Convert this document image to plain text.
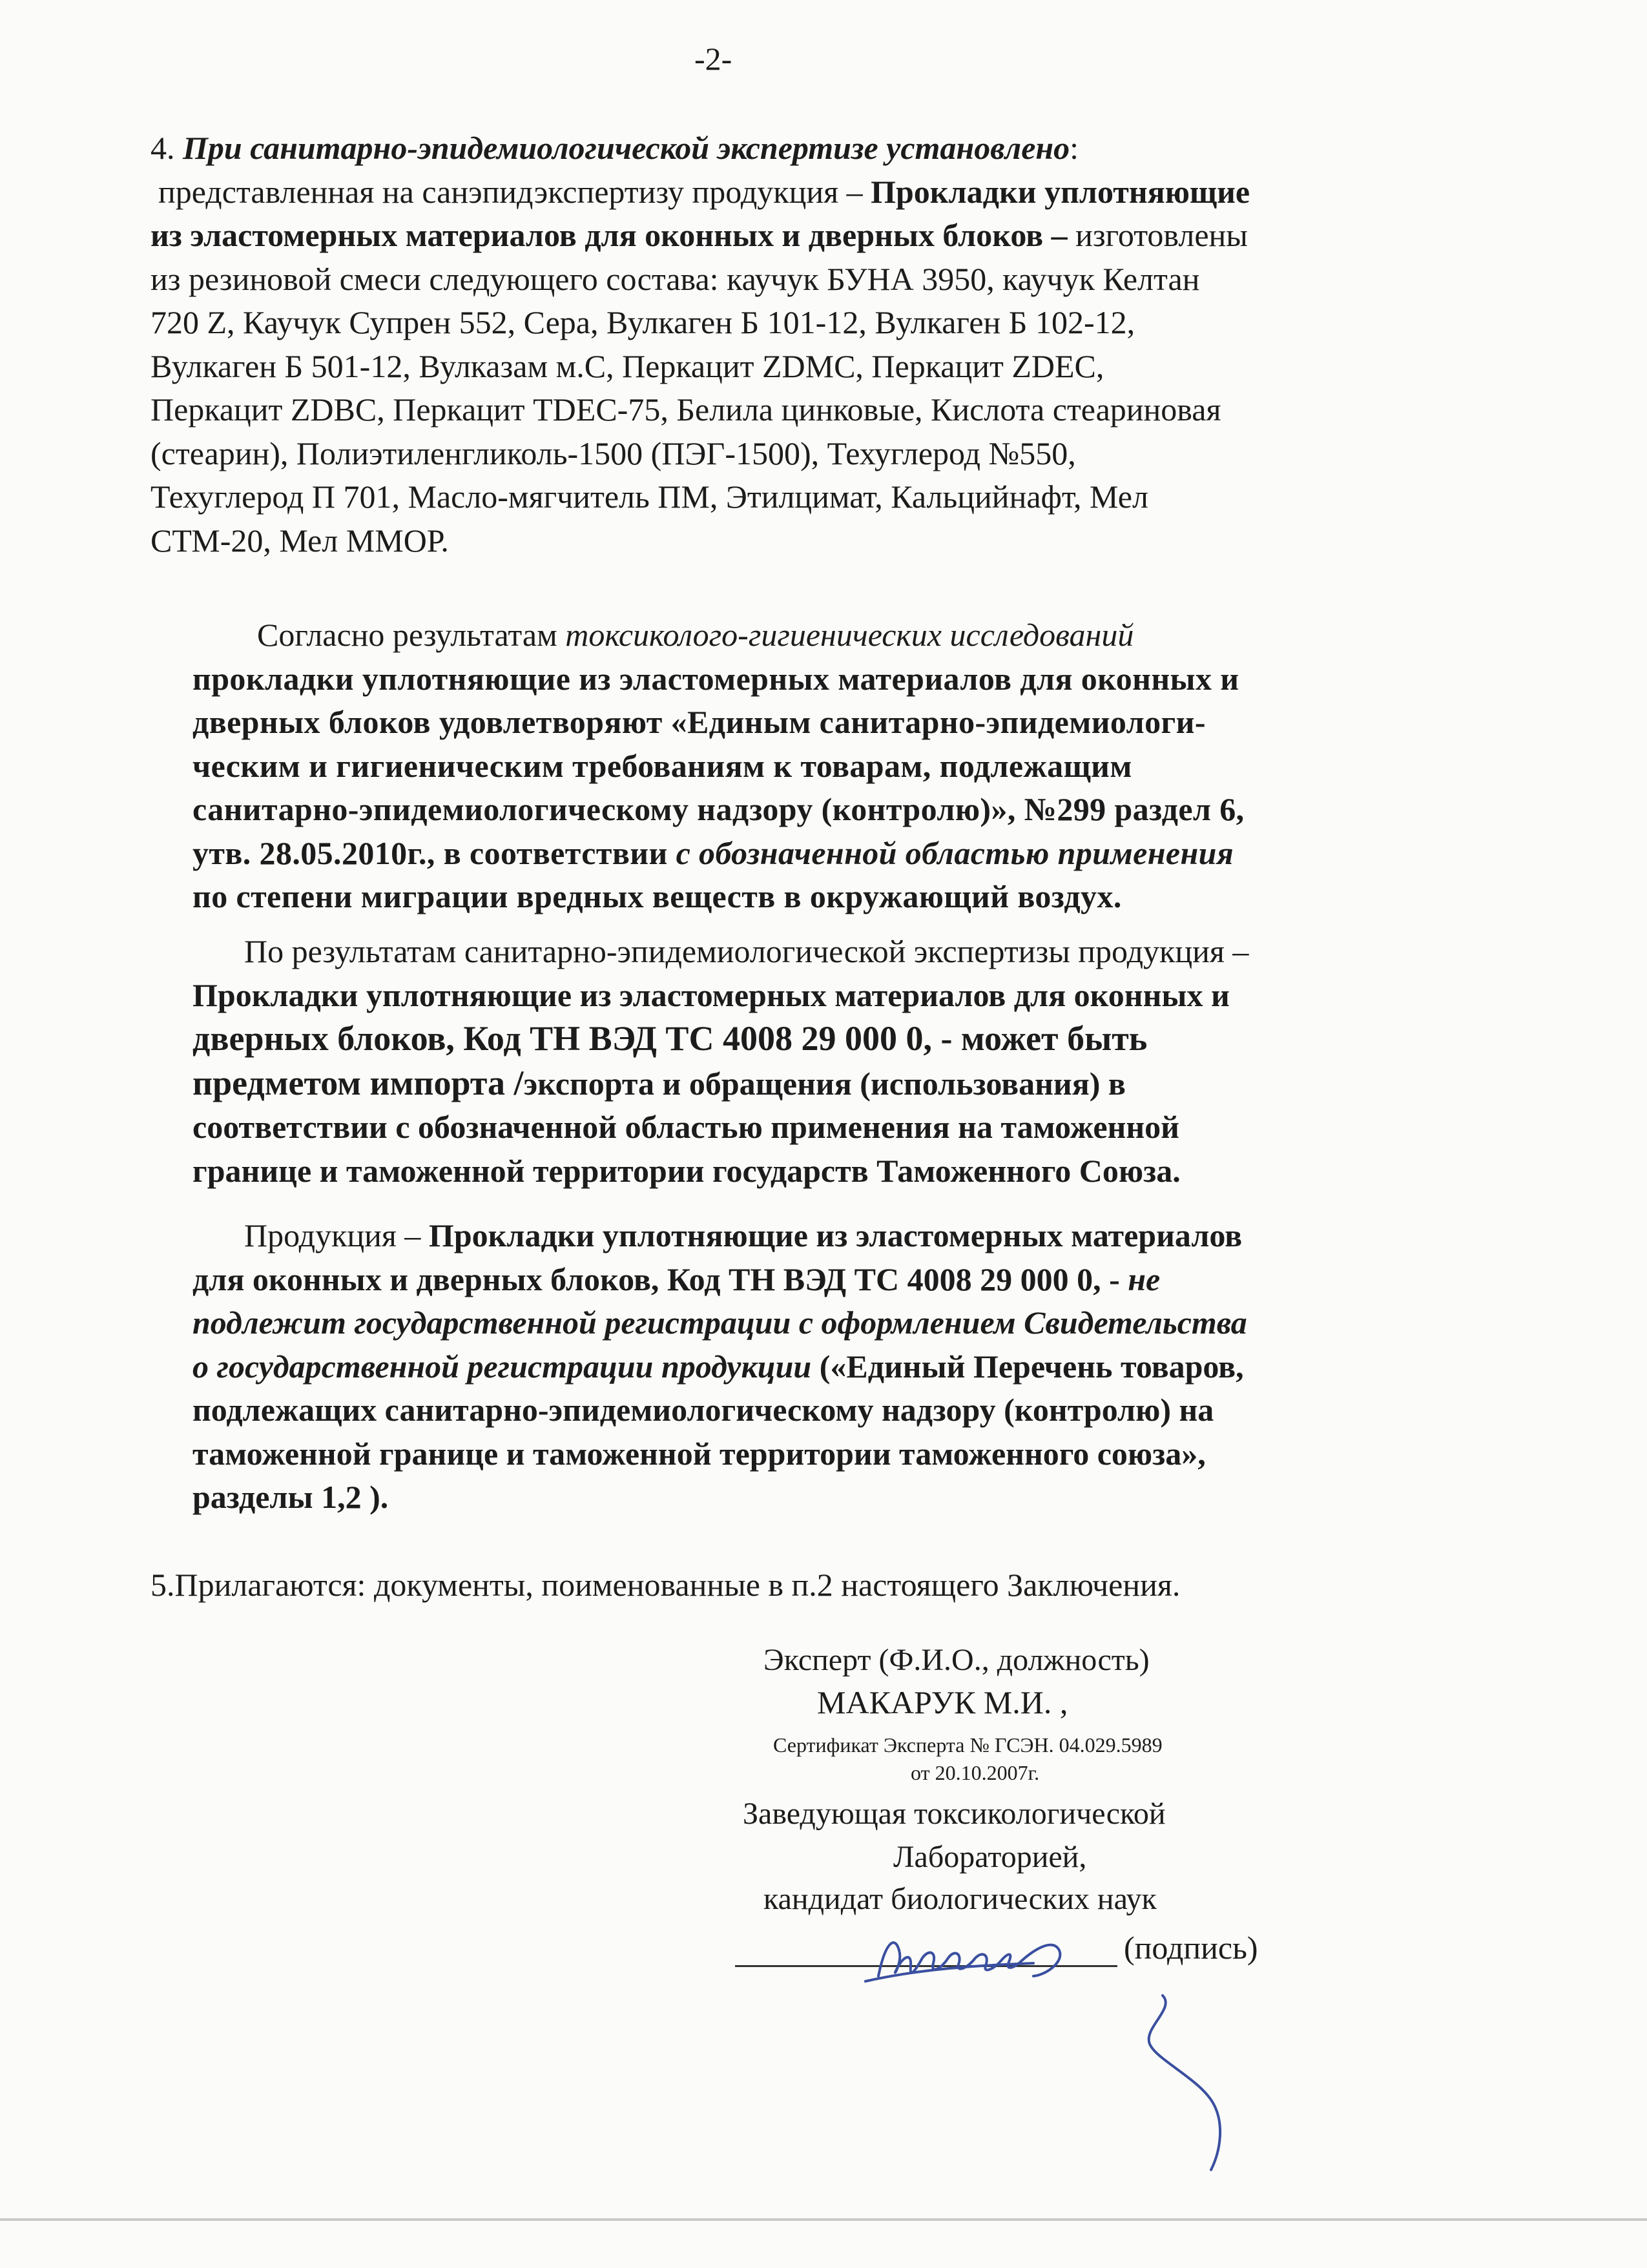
-2-
4. При санитарно-эпидемиологической экспертизе установлено:
представленная на санэпидэкспертизу продукция – Прокладки уплотняющие
из эластомерных материалов для оконных и дверных блоков – изготовлены
из резиновой смеси следующего состава: каучук БУНА 3950, каучук Келтан
720 Z, Каучук Супрен 552, Сера, Вулкаген Б 101-12, Вулкаген Б 102-12,
Вулкаген Б 501-12, Вулказам м.С, Перкацит ZDMC, Перкацит ZDEC,
Перкацит ZDBC, Перкацит TDEC-75, Белила цинковые, Кислота стеариновая
(стеарин), Полиэтиленгликоль-1500 (ПЭГ-1500), Техуглерод №550,
Техуглерод П 701, Масло-мягчитель ПМ, Этилцимат, Кальцийнафт, Мел
СТМ-20, Мел ММОР.
Согласно результатам токсиколого-гигиенических исследований
прокладки уплотняющие из эластомерных материалов для оконных и
дверных блоков удовлетворяют «Единым санитарно-эпидемиологи-
ческим и гигиеническим требованиям к товарам, подлежащим
санитарно-эпидемиологическому надзору (контролю)», №299 раздел 6,
утв. 28.05.2010г., в соответствии с обозначенной областью применения
по степени миграции вредных веществ в окружающий воздух.
По результатам санитарно-эпидемиологической экспертизы продукция –
Прокладки уплотняющие из эластомерных материалов для оконных и
дверных блоков, Код ТН ВЭД ТС 4008 29 000 0, - может быть
предметом импорта /экспорта и обращения (использования) в
соответствии с обозначенной областью применения на таможенной
границе и таможенной территории государств Таможенного Союза.
Продукция – Прокладки уплотняющие из эластомерных материалов
для оконных и дверных блоков, Код ТН ВЭД ТС 4008 29 000 0, - не
подлежит государственной регистрации с оформлением Свидетельства
о государственной регистрации продукции («Единый Перечень товаров,
подлежащих санитарно-эпидемиологическому надзору (контролю) на
таможенной границе и таможенной территории таможенного союза»,
разделы 1,2 ).
5.Прилагаются: документы, поименованные в п.2 настоящего Заключения.
Эксперт (Ф.И.О., должность)
МАКАРУК М.И. ,
Сертификат Эксперта № ГСЭН. 04.029.5989
от 20.10.2007г.
Заведующая токсикологической
Лабораторией,
кандидат биологических наук
(подпись)
